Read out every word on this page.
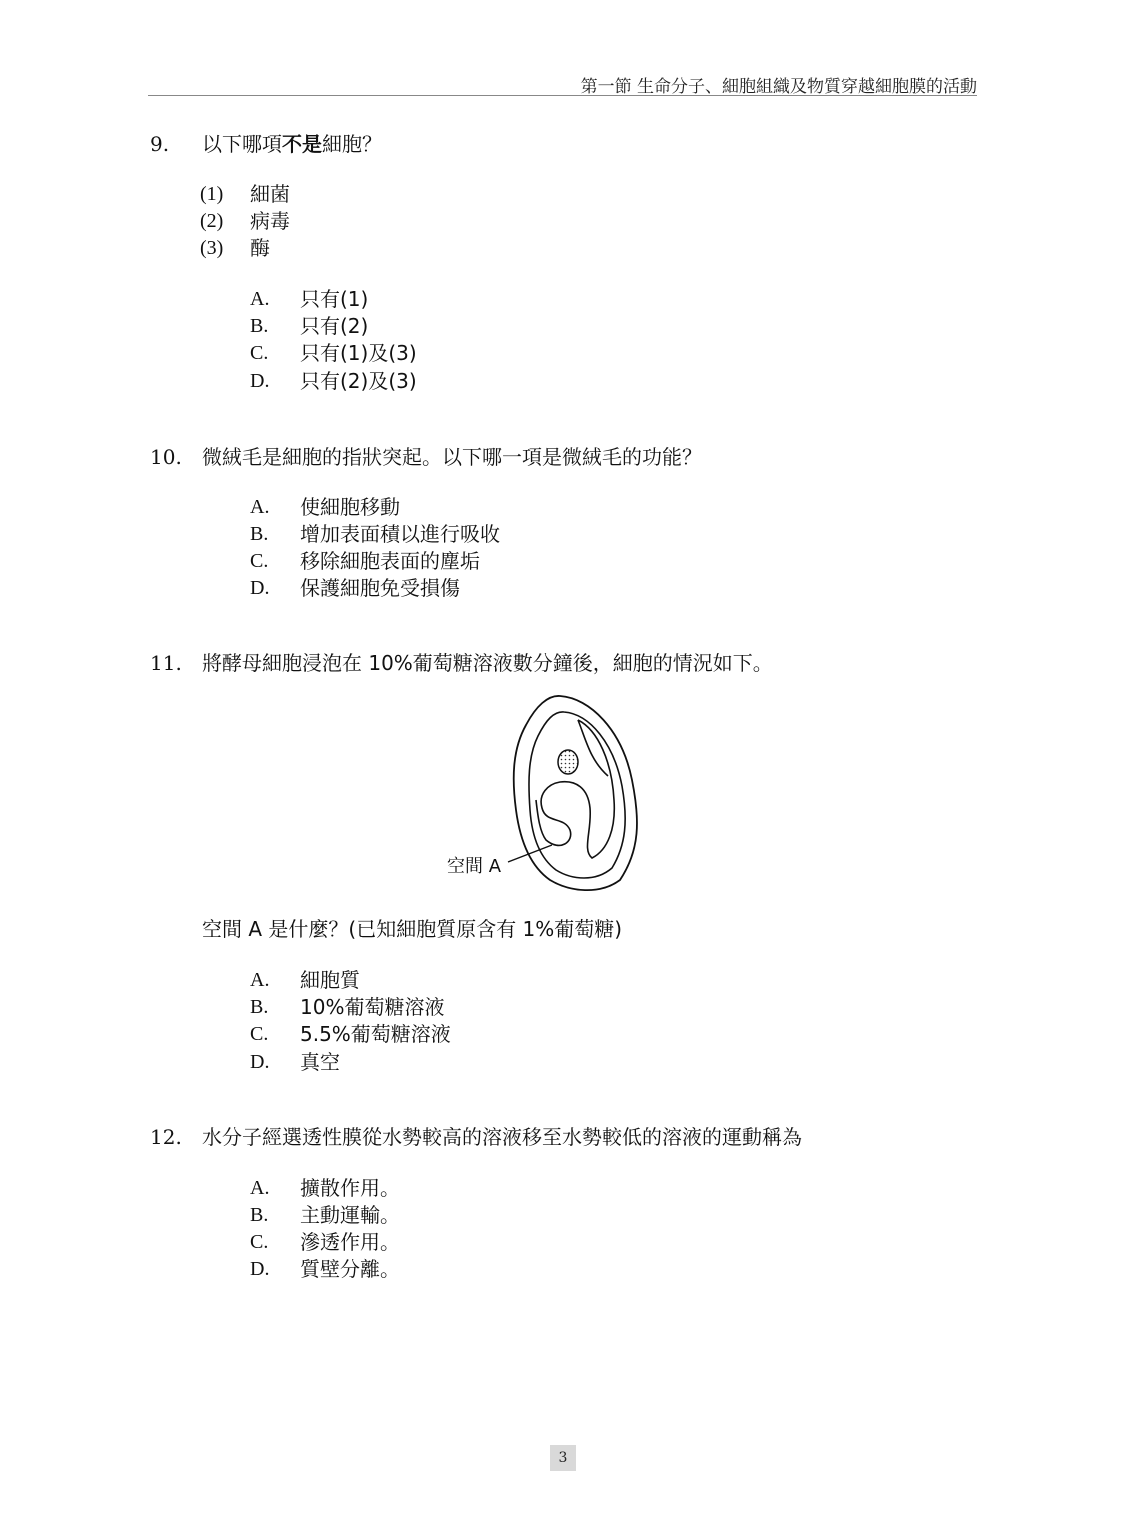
第一節 生命分子、細胞組織及物質穿越細胞膜的活動
9.	以下哪項不是細胞？
(1) 細菌
(2) 病毒
(3) 酶
A. 只有(1)
B. 只有(2)
C. 只有(1)及(3)
D. 只有(2)及(3)
10.	微絨毛是細胞的指狀突起。以下哪一項是微絨毛的功能？
A. 使細胞移動
B. 增加表面積以進行吸收
C. 移除細胞表面的塵垢
D. 保護細胞免受損傷
11.	將酵母細胞浸泡在 10%葡萄糖溶液數分鐘後，細胞的情況如下。
空間 A
空間 A 是什麼？(已知細胞質原含有 1%葡萄糖)
A. 細胞質
B. 10%葡萄糖溶液
C. 5.5%葡萄糖溶液
D. 真空
12.	水分子經選透性膜從水勢較高的溶液移至水勢較低的溶液的運動稱為
A. 擴散作用。
B. 主動運輸。
C. 滲透作用。
D. 質壁分離。
3
